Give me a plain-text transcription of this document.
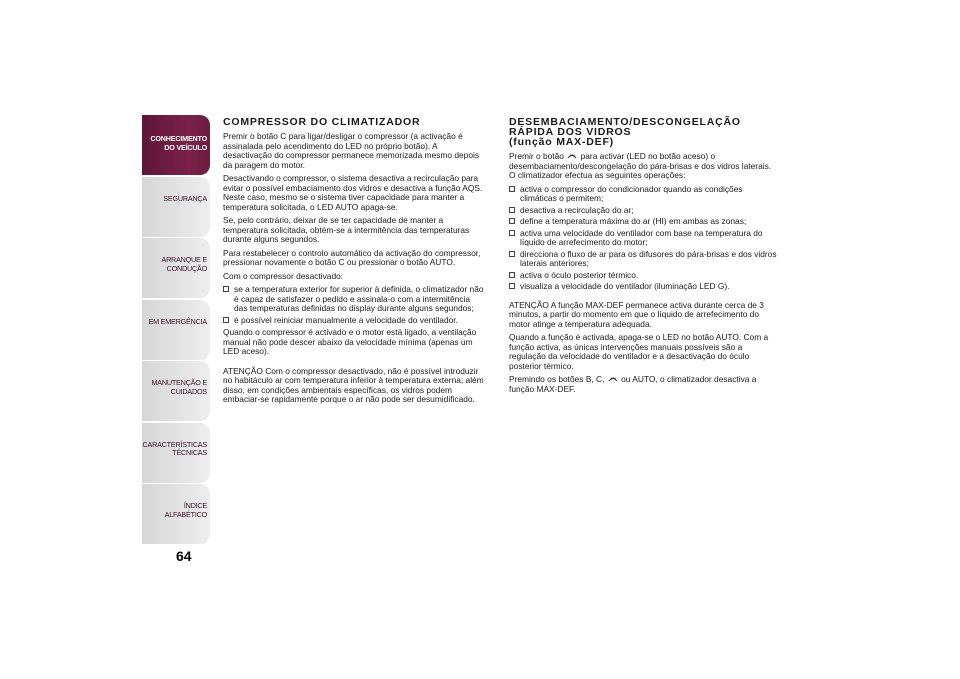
CONHECIMENTO
DO VEÍCULO
SEGURANÇA
ARRANQUE E
CONDUÇÃO
EM EMERGÊNCIA
MANUTENÇÃO E
CUIDADOS
CARACTERÍSTICAS
TÉCNICAS
ÍNDICE ALFABÉTICO
64
COMPRESSOR DO CLIMATIZADOR

Premir o botão C para ligar/desligar o compressor (a activação é assinalada pelo acendimento do LED no próprio botão). A desactivação do compressor permanece memorizada mesmo depois da paragem do motor.

Desactivando o compressor, o sistema desactiva a recirculação para evitar o possível embaciamento dos vidros e desactiva a função AQS. Neste caso, mesmo se o sistema tiver capacidade para manter a temperatura solicitada, o LED AUTO apaga-se.

Se, pelo contrário, deixar de se ter capacidade de manter a temperatura solicitada, obtém-se a intermitência das temperaturas durante alguns segundos.

Para restabelecer o controlo automático da activação do compressor, pressionar novamente o botão C ou pressionar o botão AUTO.

Com o compressor desactivado:

se a temperatura exterior for superior à definida, o climatizador não é capaz de satisfazer o pedido e assinala-o com a intermitência das temperaturas definidas no display durante alguns segundos;
é possível reiniciar manualmente a velocidade do ventilador.

Quando o compressor é activado e o motor está ligado, a ventilação manual não pode descer abaixo da velocidade mínima (apenas um LED aceso).

ATENÇÃO Com o compressor desactivado, não é possível introduzir no habitáculo ar com temperatura inferior à temperatura externa; além disso, em condições ambientais específicas, os vidros podem embaciar-se rapidamente porque o ar não pode ser desumidificado.

DESEMBACIAMENTO/DESCONGELAÇÃO
RÁPIDA DOS VIDROS
(função MAX-DEF)

Premir o botão para activar (LED no botão aceso) o desembaciamento/descongelação do pára-brisas e dos vidros laterais. O climatizador efectua as seguintes operações:

activa o compressor do condicionador quando as condições climáticas o permitem;
desactiva a recirculação do ar;
define a temperatura máxima do ar (HI) em ambas as zonas;
activa uma velocidade do ventilador com base na temperatura do líquido de arrefecimento do motor;
direcciona o fluxo de ar para os difusores do pára-brisas e dos vidros laterais anteriores;
activa o óculo posterior térmico.
visualiza a velocidade do ventilador (iluminação LED G).

ATENÇÃO A função MAX-DEF permanece activa durante cerca de 3 minutos, a partir do momento em que o líquido de arrefecimento do motor atinge a temperatura adequada.

Quando a função é activada, apaga-se o LED no botão AUTO. Com a função activa, as únicas intervenções manuais possíveis são a regulação da velocidade do ventilador e a desactivação do óculo posterior térmico.

Premindo os botões B, C, ou AUTO, o climatizador desactiva a função MAX-DEF.
